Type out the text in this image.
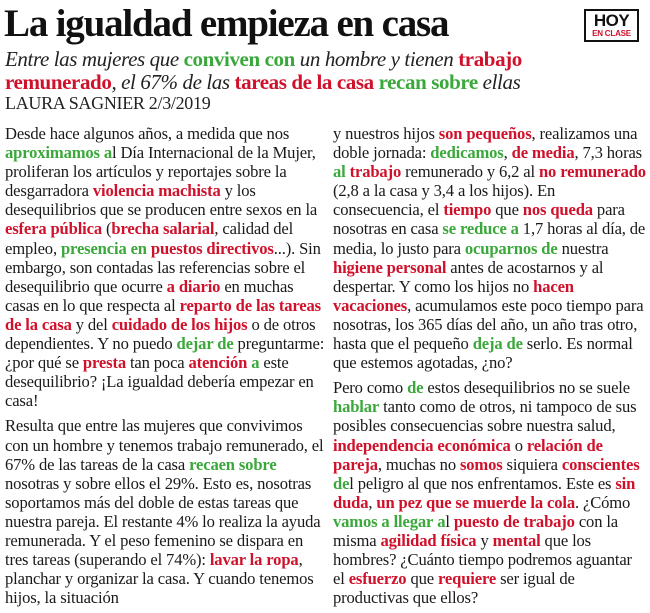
La igualdad empieza en casa	HOY
EN CLASE

Entre las mujeres que conviven con un hombre y tienen trabajo remunerado, el 67% de las tareas de la casa recan sobre ellas

LAURA SAGNIER 2/3/2019

Desde hace algunos años, a medida que nos aproximamos al Día Internacional de la Mujer, proliferan los artículos y reportajes sobre la desgarradora violencia machista y los desequilibrios que se producen entre sexos en la esfera pública (brecha salarial, calidad del empleo, presencia en puestos directivos...). Sin embargo, son contadas las referencias sobre el desequilibrio que ocurre a diario en muchas casas en lo que respecta al reparto de las tareas de la casa y del cuidado de los hijos o de otros dependientes. Y no puedo dejar de preguntarme: ¿por qué se presta tan poca atención a este desequilibrio? ¡La igualdad debería empezar en casa!

Resulta que entre las mujeres que convivimos con un hombre y tenemos trabajo remunerado, el 67% de las tareas de la casa recaen sobre nosotras y sobre ellos el 29%. Esto es, nosotras soportamos más del doble de estas tareas que nuestra pareja. El restante 4% lo realiza la ayuda remunerada. Y el peso femenino se dispara en tres tareas (superando el 74%): lavar la ropa, planchar y organizar la casa. Y cuando tenemos hijos, la situación

y nuestros hijos son pequeños, realizamos una doble jornada: dedicamos, de media, 7,3 horas al trabajo remunerado y 6,2 al no remunerado (2,8 a la casa y 3,4 a los hijos). En consecuencia, el tiempo que nos queda para nosotras en casa se reduce a 1,7 horas al día, de media, lo justo para ocuparnos de nuestra higiene personal antes de acostarnos y al despertar. Y como los hijos no hacen vacaciones, acumulamos este poco tiempo para nosotras, los 365 días del año, un año tras otro, hasta que el pequeño deja de serlo. Es normal que estemos agotadas, ¿no?

Pero como de estos desequilibrios no se suele hablar tanto como de otros, ni tampoco de sus posibles consecuencias sobre nuestra salud, independencia económica o relación de pareja, muchas no somos siquiera conscientes del peligro al que nos enfrentamos. Este es sin duda, un pez que se muerde la cola. ¿Cómo vamos a llegar al puesto de trabajo con la misma agilidad física y mental que los hombres? ¿Cuánto tiempo podremos aguantar el esfuerzo que requiere ser igual de productivas que ellos?
